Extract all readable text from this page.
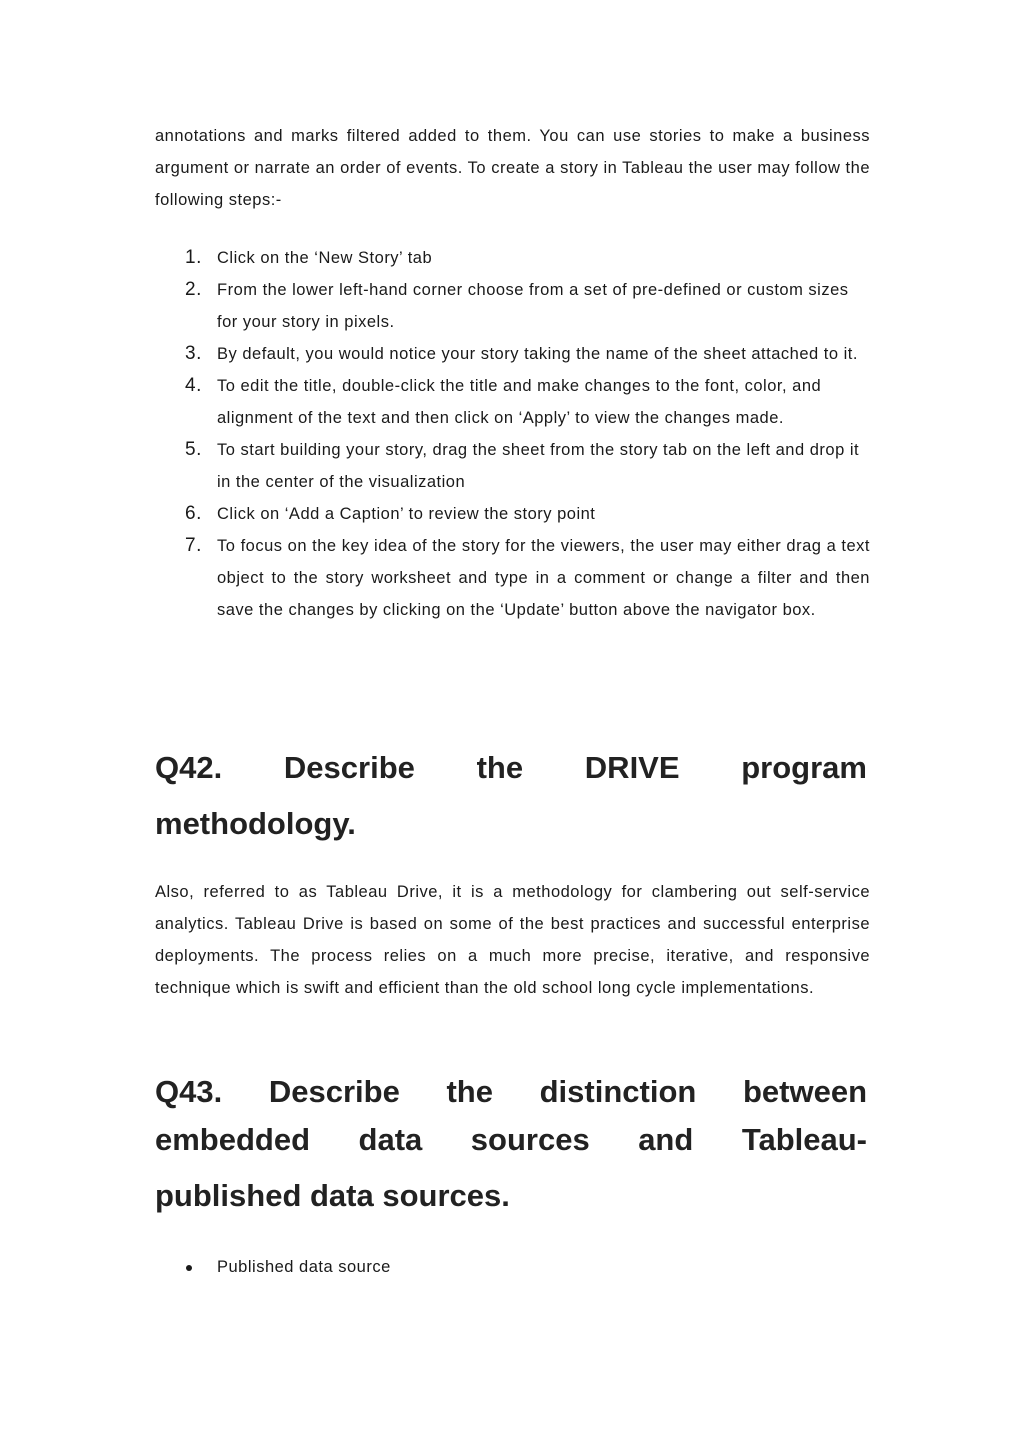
annotations and marks filtered added to them. You can use stories to make a business argument or narrate an order of events. To create a story in Tableau the user may follow the following steps:-

1. Click on the ‘New Story’ tab
2. From the lower left-hand corner choose from a set of pre-defined or custom sizes for your story in pixels.
3. By default, you would notice your story taking the name of the sheet attached to it.
4. To edit the title, double-click the title and make changes to the font, color, and alignment of the text and then click on ‘Apply’ to view the changes made.
5. To start building your story, drag the sheet from the story tab on the left and drop it in the center of the visualization
6. Click on ‘Add a Caption’ to review the story point
7. To focus on the key idea of the story for the viewers, the user may either drag a text object to the story worksheet and type in a comment or change a filter and then save the changes by clicking on the ‘Update’ button above the navigator box.
Q42. Describe the DRIVE program
methodology.

Also, referred to as Tableau Drive, it is a methodology for clambering out self-service analytics. Tableau Drive is based on some of the best practices and successful enterprise deployments. The process relies on a much more precise, iterative, and responsive technique which is swift and efficient than the old school long cycle implementations.

Q43. Describe the distinction between
embedded data sources and Tableau-
published data sources.
Published data source
